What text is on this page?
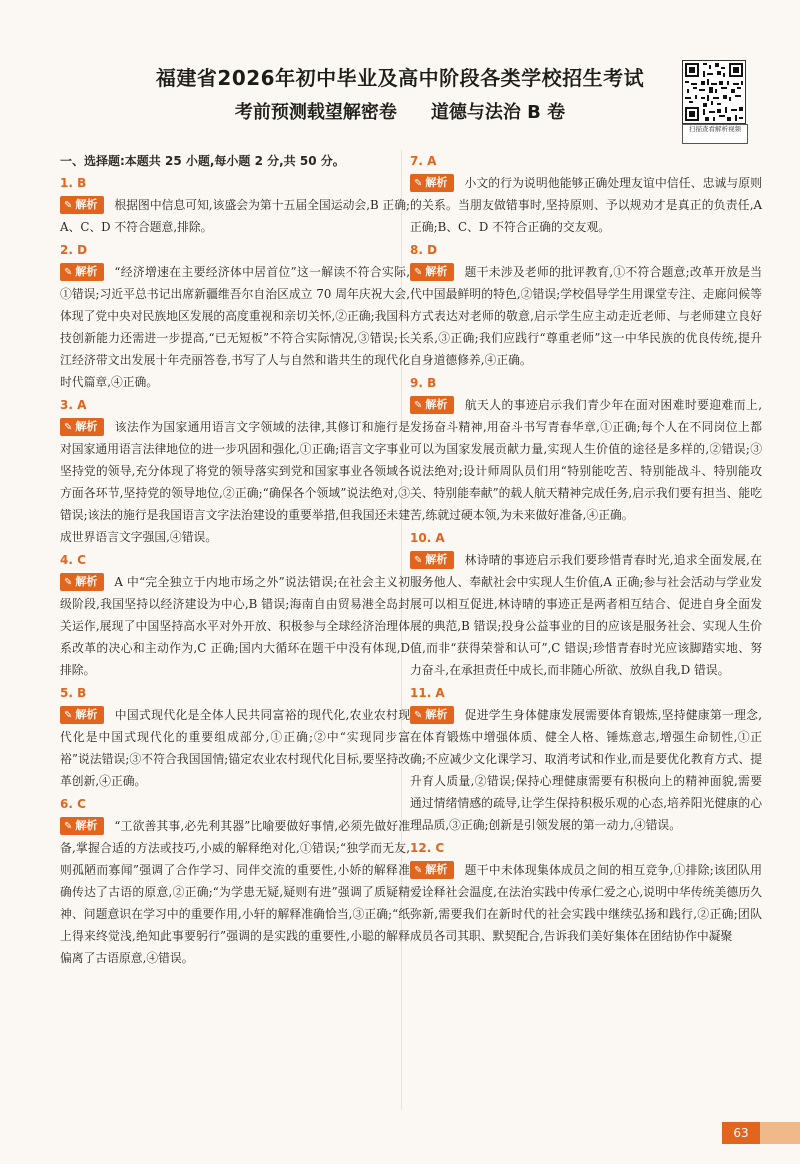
福建省2026年初中毕业及高中阶段各类学校招生考试
考前预测载望解密卷 道德与法治 B 卷
扫描查看解析视频
一、选择题:本题共 25 小题,每小题 2 分,共 50 分。
1. B
✎ 解析 根据图中信息可知,该盛会为第十五届全国运动会,B 正确;A、C、D 不符合题意,排除。
2. D
✎ 解析 “经济增速在主要经济体中居首位”这一解读不符合实际,①错误;习近平总书记出席新疆维吾尔自治区成立 70 周年庆祝大会,体现了党中央对民族地区发展的高度重视和亲切关怀,②正确;我国科技创新能力还需进一步提高,“已无短板”不符合实际情况,③错误;长江经济带文出发展十年壳丽答卷,书写了人与自然和谐共生的现代化时代篇章,④正确。
3. A
✎ 解析 该法作为国家通用语言文字领域的法律,其修订和施行是对国家通用语言法律地位的进一步巩固和强化,①正确;语言文字事业坚持党的领导,充分体现了将党的领导落实到党和国家事业各领域各方面各环节,坚持党的领导地位,②正确;“确保各个领域”说法绝对,③错误;该法的施行是我国语言文字法治建设的重要举措,但我国还未建成世界语言文字强国,④错误。
4. C
✎ 解析 A 中“完全独立于内地市场之外”说法错误;在社会主义初级阶段,我国坚持以经济建设为中心,B 错误;海南自由贸易港全岛封关运作,展现了中国坚持高水平对外开放、积极参与全球经济治理体系改革的决心和主动作为,C 正确;国内大循环在题干中没有体现,D 排除。
5. B
✎ 解析 中国式现代化是全体人民共同富裕的现代化,农业农村现代化是中国式现代化的重要组成部分,①正确;②中“实现同步富裕”说法错误;③不符合我国国情;锚定农业农村现代化目标,要坚持改革创新,④正确。
6. C
✎ 解析 “工欲善其事,必先利其器”比喻要做好事情,必须先做好准备,掌握合适的方法或技巧,小威的解释绝对化,①错误;“独学而无友,则孤陋而寡闻”强调了合作学习、同伴交流的重要性,小娇的解释准确传达了古语的原意,②正确;“为学患无疑,疑则有进”强调了质疑精神、问题意识在学习中的重要作用,小轩的解释准确恰当,③正确;“纸上得来终觉浅,绝知此事要躬行”强调的是实践的重要性,小聪的解释偏离了古语原意,④错误。
7. A
✎ 解析 小文的行为说明他能够正确处理友谊中信任、忠诚与原则的关系。当朋友做错事时,坚持原则、予以规劝才是真正的负责任,A 正确;B、C、D 不符合正确的交友观。
8. D
✎ 解析 题干未涉及老师的批评教育,①不符合题意;改革开放是当代中国最鲜明的特色,②错误;学校倡导学生用课堂专注、走廊问候等方式表达对老师的敬意,启示学生应主动走近老师、与老师建立良好关系,③正确;我们应践行“尊重老师”这一中华民族的优良传统,提升自身道德修养,④正确。
9. B
✎ 解析 航天人的事迹启示我们青少年在面对困难时要迎难而上,发扬奋斗精神,用奋斗书写青春华章,①正确;每个人在不同岗位上都可以为国家发展贡献力量,实现人生价值的途径是多样的,②错误;③说法绝对;设计师周队员们用“特别能吃苦、特别能战斗、特别能攻关、特别能奉献”的载人航天精神完成任务,启示我们要有担当、能吃苦,练就过硬本领,为未来做好准备,④正确。
10. A
✎ 解析 林诗晴的事迹启示我们要珍惜青春时光,追求全面发展,在服务他人、奉献社会中实现人生价值,A 正确;参与社会活动与学业发展可以相互促进,林诗晴的事迹正是两者相互结合、促进自身全面发展的典范,B 错误;投身公益事业的目的应该是服务社会、实现人生价值,而非“获得荣誉和认可”,C 错误;珍惜青春时光应该脚踏实地、努力奋斗,在承担责任中成长,而非随心所欲、放纵自我,D 错误。
11. A
✎ 解析 促进学生身体健康发展需要体育锻炼,坚持健康第一理念,在体育锻炼中增强体质、健全人格、锤炼意志,增强生命韧性,①正确;不应减少文化课学习、取消考试和作业,而是要优化教育方式、提升育人质量,②错误;保持心理健康需要有积极向上的精神面貌,需要通过情绪情感的疏导,让学生保持积极乐观的心态,培养阳光健康的心理品质,③正确;创新是引领发展的第一动力,④错误。
12. C
✎ 解析 题干中未体现集体成员之间的相互竞争,①排除;该团队用爱诠释社会温度,在法治实践中传承仁爱之心,说明中华传统美德历久弥新,需要我们在新时代的社会实践中继续弘扬和践行,②正确;团队成员各司其职、默契配合,告诉我们美好集体在团结协作中凝聚
63
